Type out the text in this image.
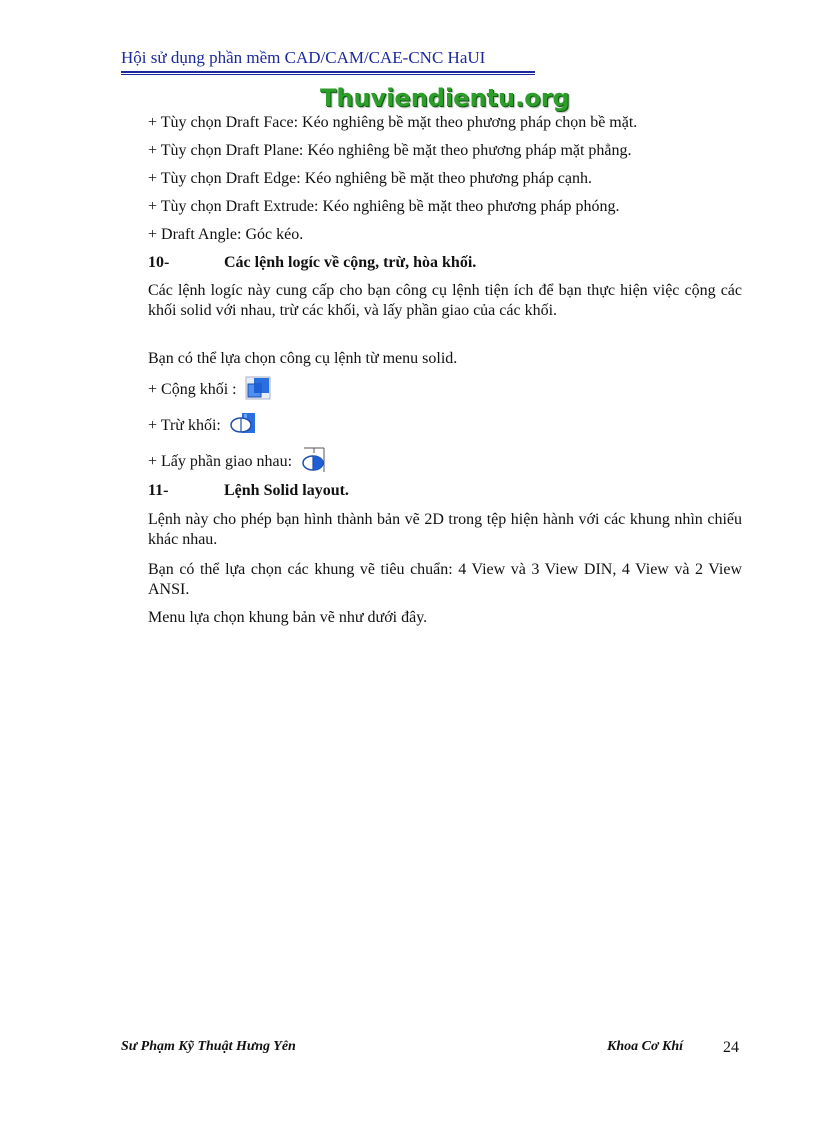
Hội sử dụng phần mềm CAD/CAM/CAE-CNC HaUI
Thuviendientu.org
+ Tùy chọn Draft Face: Kéo nghiêng bề mặt theo phương pháp chọn bề mặt.
+ Tùy chọn Draft Plane: Kéo nghiêng bề mặt theo phương pháp mặt phẳng.
+ Tùy chọn Draft Edge: Kéo nghiêng bề mặt theo phương pháp cạnh.
+ Tùy chọn Draft Extrude: Kéo nghiêng bề mặt theo phương pháp phóng.
+ Draft Angle: Góc kéo.
10-	Các lệnh logíc về cộng, trừ, hòa khối.
Các lệnh logíc này cung cấp cho bạn công cụ lệnh tiện ích để bạn thực hiện việc cộng các khối solid với nhau, trừ các khối, và lấy phần giao của các khối.
Bạn có thể lựa chọn công cụ lệnh từ menu solid.
+ Cộng khối :
+ Trừ khối:
+ Lấy phần giao nhau:
11-	Lệnh Solid layout.
Lệnh này cho phép bạn hình thành bản vẽ 2D trong tệp hiện hành với các khung nhìn chiếu khác nhau.
Bạn có thể lựa chọn các khung vẽ tiêu chuẩn: 4 View và 3 View DIN, 4 View và 2 View ANSI.
Menu lựa chọn khung bản vẽ như dưới đây.
Sư Phạm Kỹ Thuật Hưng Yên	Khoa Cơ Khí	24
